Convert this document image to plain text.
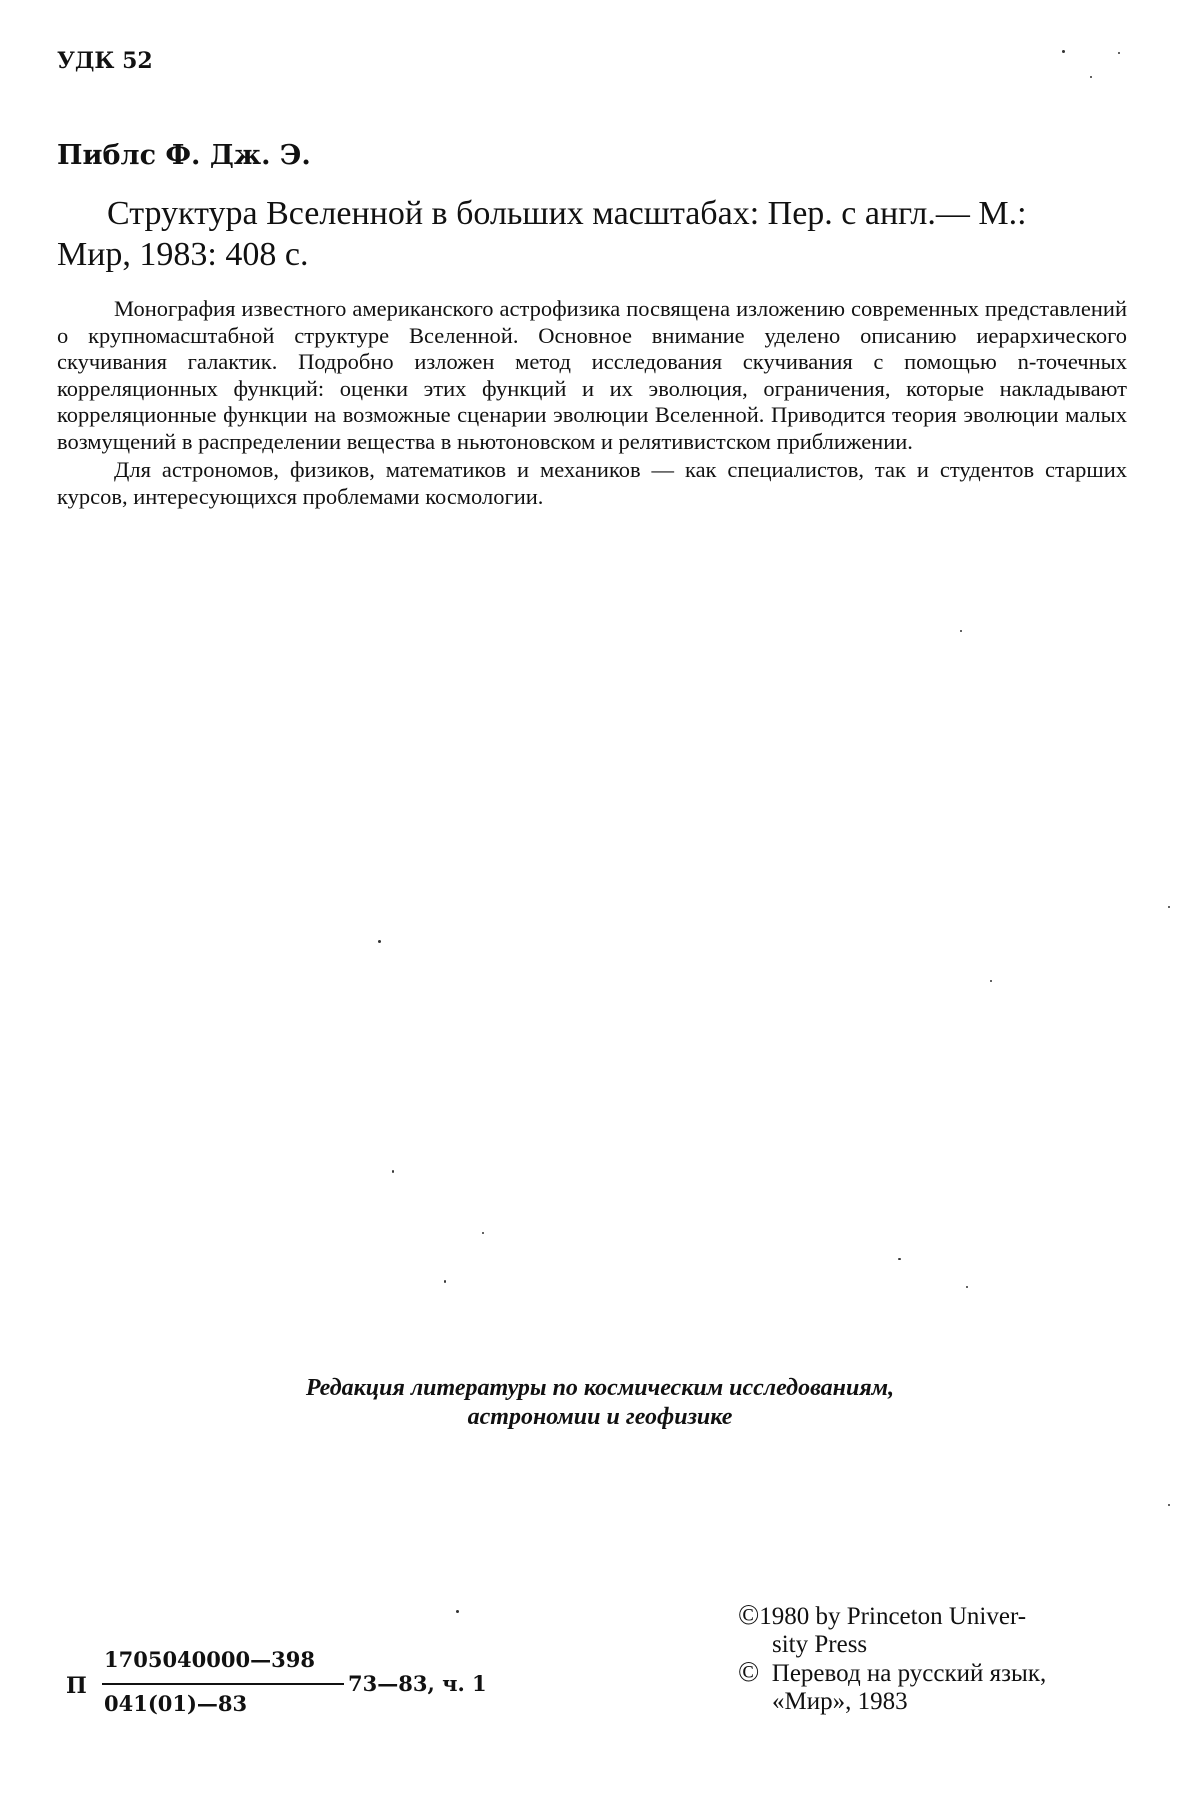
УДК 52
Пиблс Ф. Дж. Э.
Структура Вселенной в больших масштабах: Пер. с англ.— М.:
Мир, 1983: 408 с.

Монография известного американского астрофизика посвящена изложению современных представлений о крупномасштабной структуре Вселенной. Основное внимание уделено описанию иерархического скучивания галактик. Подробно изложен метод исследования скучивания с помощью n-точечных корреляционных функций: оценки этих функций и их эволюция, ограничения, которые накладывают корреляционные функции на возможные сценарии эволюции Вселенной. Приводится теория эволюции малых возмущений в распределении вещества в ньютоновском и релятивистском приближении.

Для астрономов, физиков, математиков и механиков — как специалистов, так и студентов старших курсов, интересующихся проблемами космологии.

Редакция литературы по космическим исследованиям,
астрономии и геофизике
П
1705040000—398
041(01)—83
73—83, ч. 1
©1980 by Princeton Univer-
sity Press
© Перевод на русский язык,
«Мир», 1983
